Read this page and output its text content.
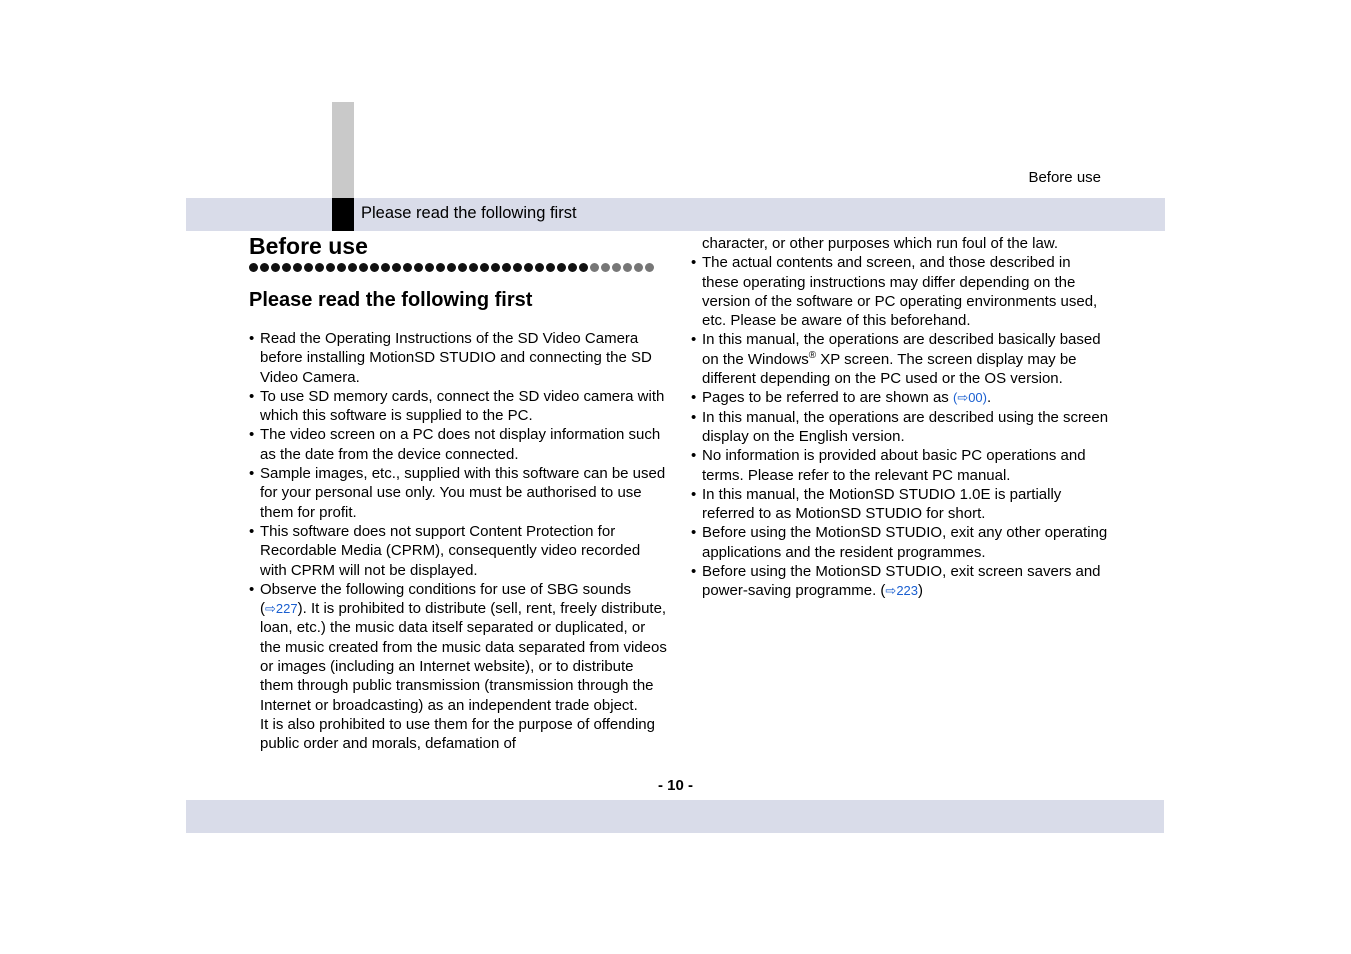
Please read the following first
Before use
Before use
Please read the following first
• Read the Operating Instructions of the SD Video Camera before installing MotionSD STUDIO and connecting the SD Video Camera.
• To use SD memory cards, connect the SD video camera with which this software is supplied to the PC.
• The video screen on a PC does not display information such as the date from the device connected.
• Sample images, etc., supplied with this software can be used for your personal use only. You must be authorised to use them for profit.
• This software does not support Content Protection for Recordable Media (CPRM), consequently video recorded with CPRM will not be displayed.
• Observe the following conditions for use of SBG sounds (⇨227). It is prohibited to distribute (sell, rent, freely distribute, loan, etc.) the music data itself separated or duplicated, or the music created from the music data separated from videos or images (including an Internet website), or to distribute them through public transmission (transmission through the Internet or broadcasting) as an independent trade object.
It is also prohibited to use them for the purpose of offending public order and morals, defamation of
character, or other purposes which run foul of the law.
• The actual contents and screen, and those described in these operating instructions may differ depending on the version of the software or PC operating environments used, etc. Please be aware of this beforehand.
• In this manual, the operations are described basically based on the Windows® XP screen. The screen display may be different depending on the PC used or the OS version.
• Pages to be referred to are shown as (⇨00).
• In this manual, the operations are described using the screen display on the English version.
• No information is provided about basic PC operations and terms. Please refer to the relevant PC manual.
• In this manual, the MotionSD STUDIO 1.0E is partially referred to as MotionSD STUDIO for short.
• Before using the MotionSD STUDIO, exit any other operating applications and the resident programmes.
• Before using the MotionSD STUDIO, exit screen savers and power-saving programme. (⇨223)
- 10 -
